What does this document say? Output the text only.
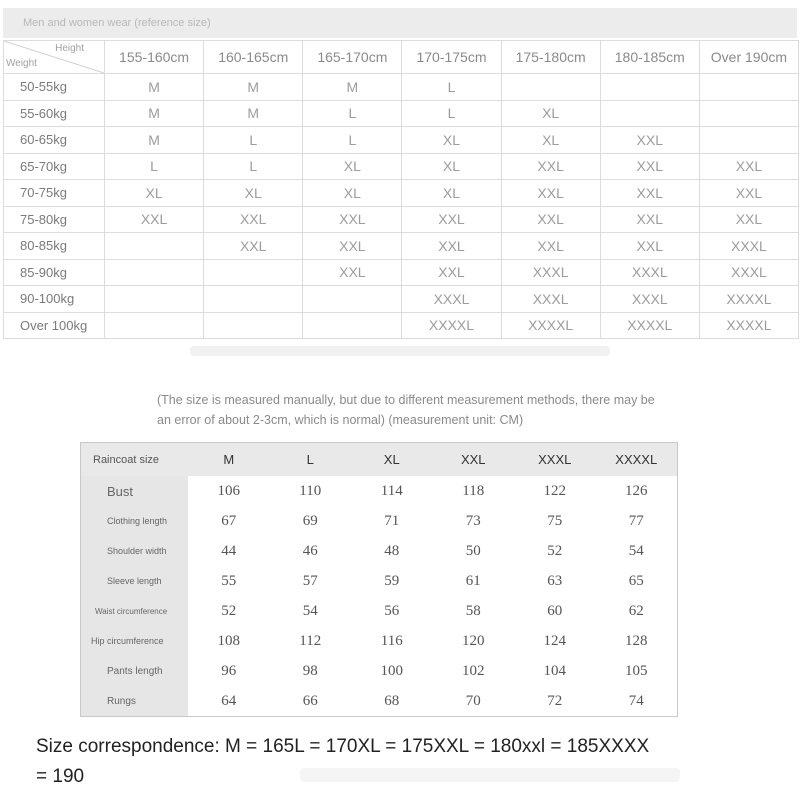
Men and women wear (reference size)
Height
Weight	155-160cm	160-165cm	165-170cm	170-175cm	175-180cm	180-185cm	Over 190cm
50-55kg	M	M	M	L			
55-60kg	M	M	L	L	XL		
60-65kg	M	L	L	XL	XL	XXL	
65-70kg	L	L	XL	XL	XXL	XXL	XXL
70-75kg	XL	XL	XL	XL	XXL	XXL	XXL
75-80kg	XXL	XXL	XXL	XXL	XXL	XXL	XXL
80-85kg		XXL	XXL	XXL	XXL	XXL	XXXL
85-90kg			XXL	XXL	XXXL	XXXL	XXXL
90-100kg				XXXL	XXXL	XXXL	XXXXL
Over 100kg				XXXXL	XXXXL	XXXXL	XXXXL
(The size is measured manually, but due to different measurement methods, there may be an error of about 2-3cm, which is normal) (measurement unit: CM)
Raincoat size	M	L	XL	XXL	XXXL	XXXXL
Bust	106	110	114	118	122	126
Clothing length	67	69	71	73	75	77
Shoulder width	44	46	48	50	52	54
Sleeve length	55	57	59	61	63	65
Waist circumference	52	54	56	58	60	62
Hip circumference	108	112	116	120	124	128
Pants length	96	98	100	102	104	105
Rungs	64	66	68	70	72	74
Size correspondence: M = 165L = 170XL = 175XXL = 180xxl = 185XXXX = 190
